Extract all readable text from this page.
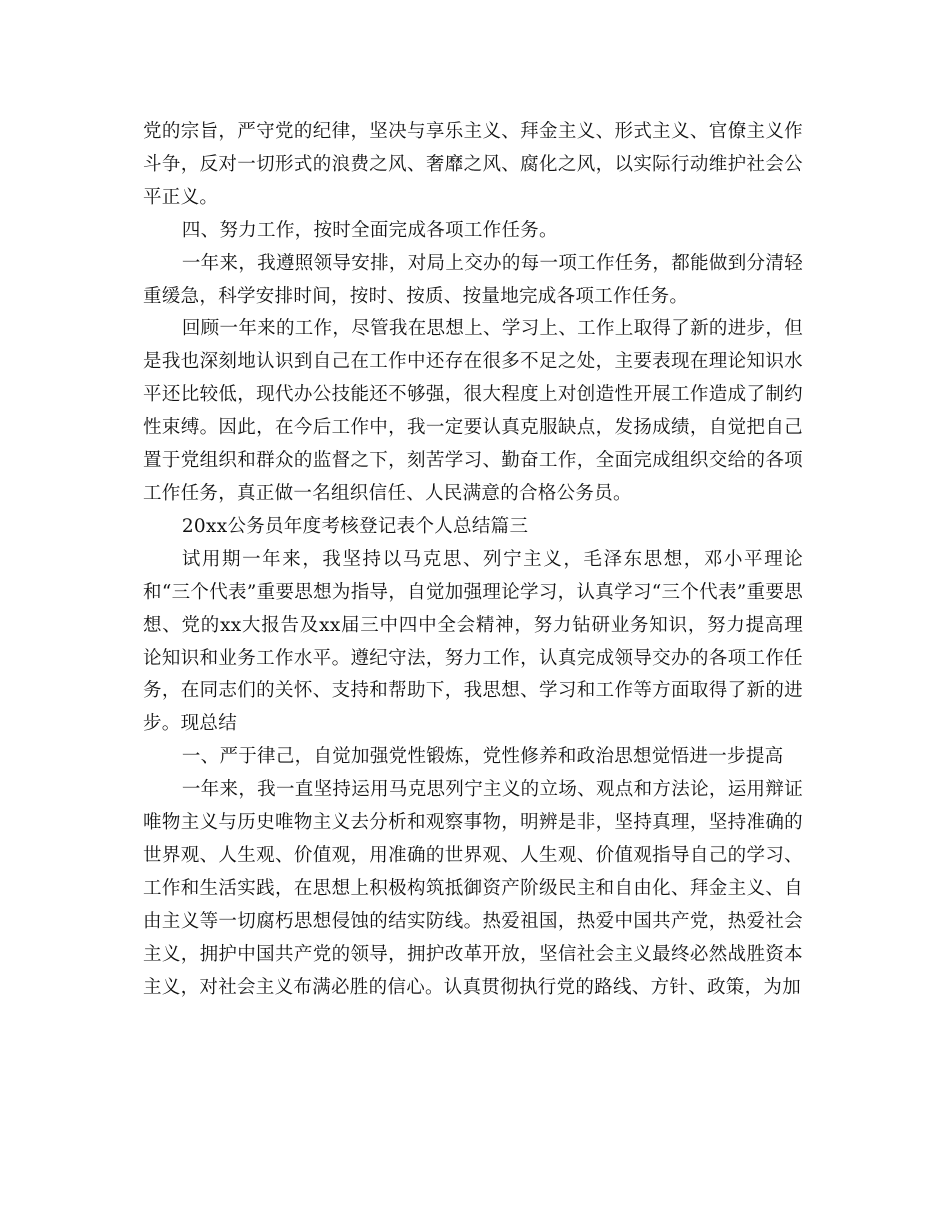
党的宗旨，严守党的纪律，坚决与享乐主义、拜金主义、形式主义、官僚主义作斗争，反对一切形式的浪费之风、奢靡之风、腐化之风，以实际行动维护社会公平正义。

四、努力工作，按时全面完成各项工作任务。

一年来，我遵照领导安排，对局上交办的每一项工作任务，都能做到分清轻重缓急，科学安排时间，按时、按质、按量地完成各项工作任务。

回顾一年来的工作，尽管我在思想上、学习上、工作上取得了新的进步，但是我也深刻地认识到自己在工作中还存在很多不足之处，主要表现在理论知识水平还比较低，现代办公技能还不够强，很大程度上对创造性开展工作造成了制约性束缚。因此，在今后工作中，我一定要认真克服缺点，发扬成绩，自觉把自己置于党组织和群众的监督之下，刻苦学习、勤奋工作，全面完成组织交给的各项工作任务，真正做一名组织信任、人民满意的合格公务员。

20xx公务员年度考核登记表个人总结篇三

试用期一年来，我坚持以马克思、列宁主义，毛泽东思想，邓小平理论和“三个代表”重要思想为指导，自觉加强理论学习，认真学习“三个代表”重要思想、党的xx大报告及xx届三中四中全会精神，努力钻研业务知识，努力提高理论知识和业务工作水平。遵纪守法，努力工作，认真完成领导交办的各项工作任务，在同志们的关怀、支持和帮助下，我思想、学习和工作等方面取得了新的进步。现总结

一、严于律己，自觉加强党性锻炼，党性修养和政治思想觉悟进一步提高

一年来，我一直坚持运用马克思列宁主义的立场、观点和方法论，运用辩证唯物主义与历史唯物主义去分析和观察事物，明辨是非，坚持真理，坚持准确的世界观、人生观、价值观，用准确的世界观、人生观、价值观指导自己的学习、工作和生活实践，在思想上积极构筑抵御资产阶级民主和自由化、拜金主义、自由主义等一切腐朽思想侵蚀的结实防线。热爱祖国，热爱中国共产党，热爱社会主义，拥护中国共产党的领导，拥护改革开放，坚信社会主义最终必然战胜资本主义，对社会主义布满必胜的信心。认真贯彻执行党的路线、方针、政策，为加
